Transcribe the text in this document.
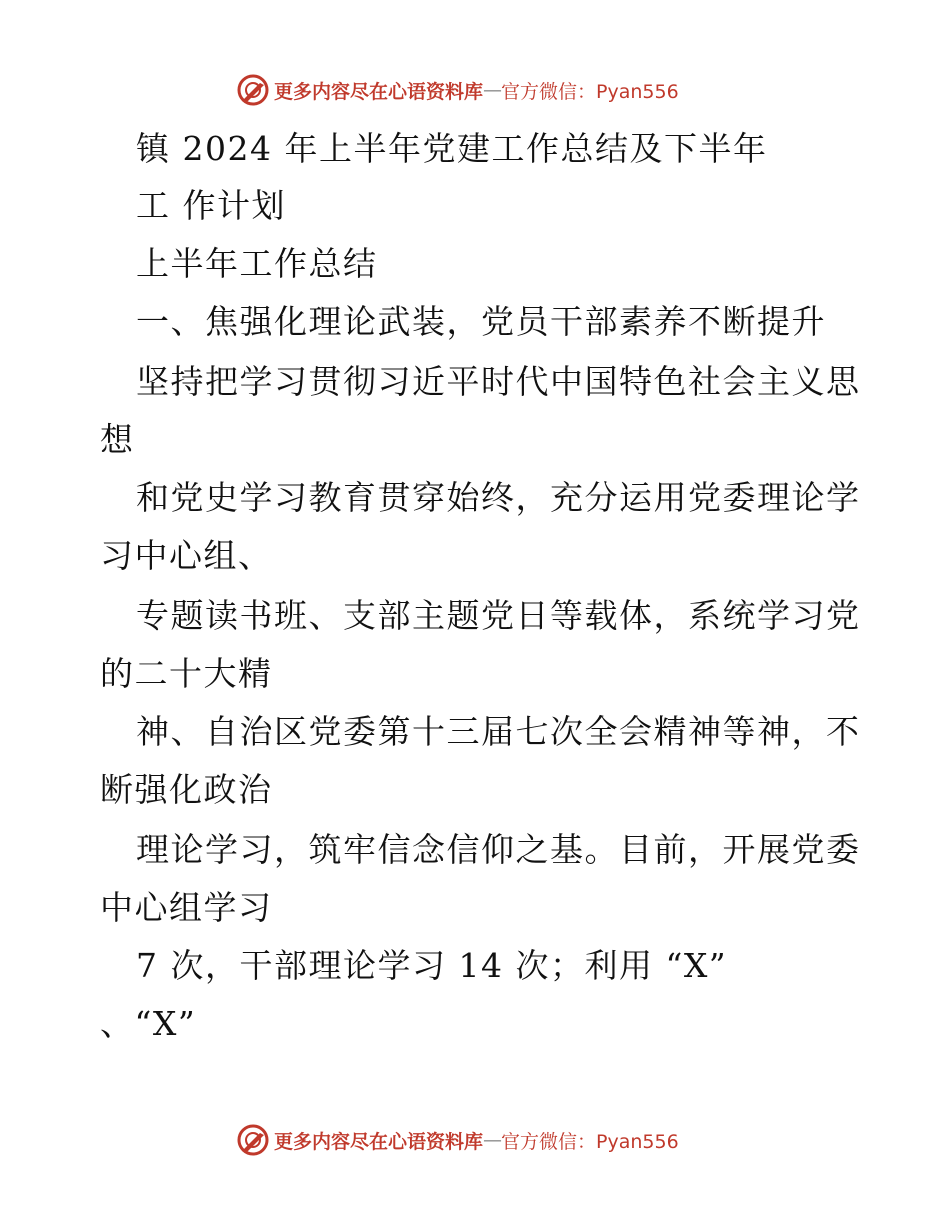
更多内容尽在心语资料库 — 官方微信：Pyan556
镇 2024 年上半年党建工作总结及下半年
工 作计划
上半年工作总结
一、焦强化理论武装，党员干部素养不断提升
坚持把学习贯彻习近平时代中国特色社会主义思
想
和党史学习教育贯穿始终，充分运用党委理论学
习中心组、
专题读书班、支部主题党日等载体，系统学习党
的二十大精
神、自治区党委第十三届七次全会精神等神，不
断强化政治
理论学习，筑牢信念信仰之基。目前，开展党委
中心组学习
7 次，干部理论学习 14 次；利用 “X”
、“X”
更多内容尽在心语资料库 — 官方微信：Pyan556
